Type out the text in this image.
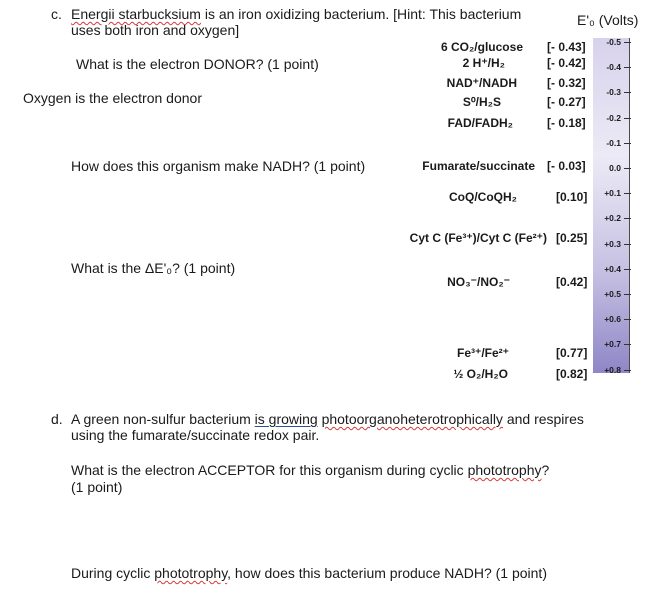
c. Energii starbucksium is an iron oxidizing bacterium. [Hint: This bacterium
uses both iron and oxygen]
What is the electron DONOR? (1 point)
Oxygen is the electron donor
How does this organism make NADH? (1 point)
What is the ΔE'₀? (1 point)
6 CO₂/glucose [- 0.43]
2 H⁺/H₂	[- 0.42]
NAD⁺/NADH	[- 0.32]
S⁰/H₂S	[- 0.27]
FAD/FADH₂	[- 0.18]
Fumarate/succinate [- 0.03]
CoQ/CoQH₂	[0.10]
Cyt C (Fe³⁺)/Cyt C (Fe²⁺) [0.25]
NO₃⁻/NO₂⁻	[0.42]
Fe³⁺/Fe²⁺	[0.77]
½ O₂/H₂O	[0.82]
E'₀ (Volts)
-0.5
-0.4
-0.3
-0.2
-0.1
0.0
+0.1
+0.2
+0.3
+0.4
+0.5
+0.6
+0.7
+0.8
d. A green non-sulfur bacterium is growing photoorganoheterotrophically and respires
using the fumarate/succinate redox pair.
What is the electron ACCEPTOR for this organism during cyclic phototrophy?
(1 point)
During cyclic phototrophy, how does this bacterium produce NADH? (1 point)
